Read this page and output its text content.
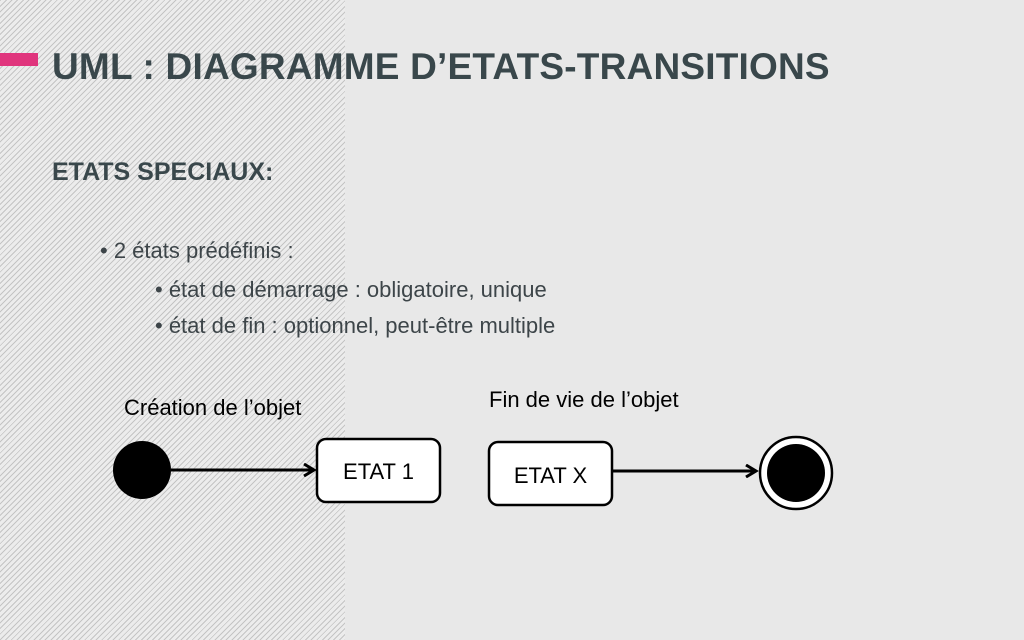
UML : DIAGRAMME D’ETATS-TRANSITIONS
ETATS SPECIAUX:
• 2 états prédéfinis :
• état de démarrage : obligatoire, unique
• état de fin : optionnel, peut-être multiple
Création de l’objet	Fin de vie de l’objet
ETAT 1	ETAT X
